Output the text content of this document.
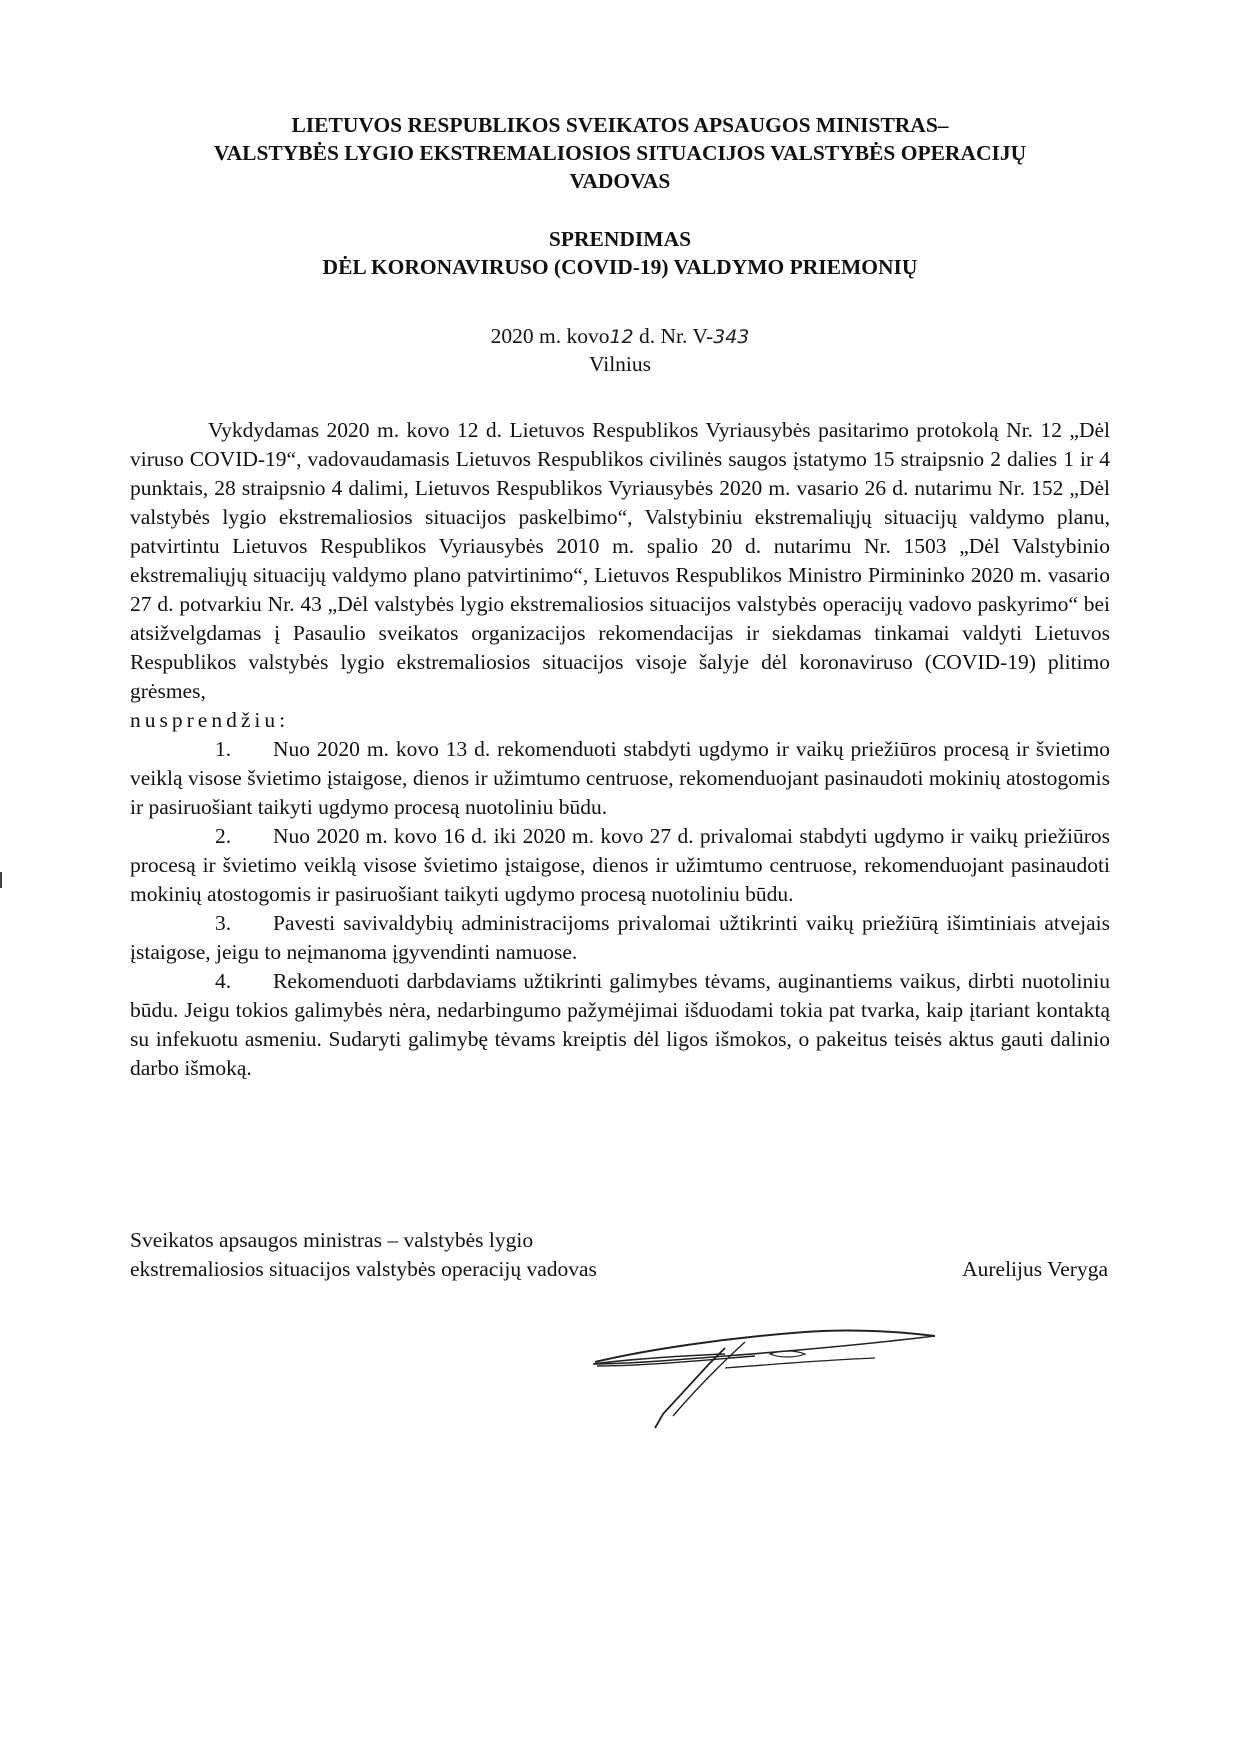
LIETUVOS RESPUBLIKOS SVEIKATOS APSAUGOS MINISTRAS–
VALSTYBĖS LYGIO EKSTREMALIOSIOS SITUACIJOS VALSTYBĖS OPERACIJŲ
VADOVAS
SPRENDIMAS
DĖL KORONAVIRUSO (COVID-19) VALDYMO PRIEMONIŲ
2020 m. kovo12 d. Nr. V-343
Vilnius

Vykdydamas 2020 m. kovo 12 d. Lietuvos Respublikos Vyriausybės pasitarimo protokolą Nr. 12 „Dėl viruso COVID-19“, vadovaudamasis Lietuvos Respublikos civilinės saugos įstatymo 15 straipsnio 2 dalies 1 ir 4 punktais, 28 straipsnio 4 dalimi, Lietuvos Respublikos Vyriausybės 2020 m. vasario 26 d. nutarimu Nr. 152 „Dėl valstybės lygio ekstremaliosios situacijos paskelbimo“, Valstybiniu ekstremaliųjų situacijų valdymo planu, patvirtintu Lietuvos Respublikos Vyriausybės 2010 m. spalio 20 d. nutarimu Nr. 1503 „Dėl Valstybinio ekstremaliųjų situacijų valdymo plano patvirtinimo“, Lietuvos Respublikos Ministro Pirmininko 2020 m. vasario 27 d. potvarkiu Nr. 43 „Dėl valstybės lygio ekstremaliosios situacijos valstybės operacijų vadovo paskyrimo“ bei atsižvelgdamas į Pasaulio sveikatos organizacijos rekomendacijas ir siekdamas tinkamai valdyti Lietuvos Respublikos valstybės lygio ekstremaliosios situacijos visoje šalyje dėl koronaviruso (COVID-19) plitimo grėsmes,

nusprendžiu:

1. Nuo 2020 m. kovo 13 d. rekomenduoti stabdyti ugdymo ir vaikų priežiūros procesą ir švietimo veiklą visose švietimo įstaigose, dienos ir užimtumo centruose, rekomenduojant pasinaudoti mokinių atostogomis ir pasiruošiant taikyti ugdymo procesą nuotoliniu būdu.

2. Nuo 2020 m. kovo 16 d. iki 2020 m. kovo 27 d. privalomai stabdyti ugdymo ir vaikų priežiūros procesą ir švietimo veiklą visose švietimo įstaigose, dienos ir užimtumo centruose, rekomenduojant pasinaudoti mokinių atostogomis ir pasiruošiant taikyti ugdymo procesą nuotoliniu būdu.

3. Pavesti savivaldybių administracijoms privalomai užtikrinti vaikų priežiūrą išimtiniais atvejais įstaigose, jeigu to neįmanoma įgyvendinti namuose.

4. Rekomenduoti darbdaviams užtikrinti galimybes tėvams, auginantiems vaikus, dirbti nuotoliniu būdu. Jeigu tokios galimybės nėra, nedarbingumo pažymėjimai išduodami tokia pat tvarka, kaip įtariant kontaktą su infekuotu asmeniu. Sudaryti galimybę tėvams kreiptis dėl ligos išmokos, o pakeitus teisės aktus gauti dalinio darbo išmoką.

Sveikatos apsaugos ministras – valstybės lygio
ekstremaliosios situacijos valstybės operacijų vadovas	Aurelijus Veryga
